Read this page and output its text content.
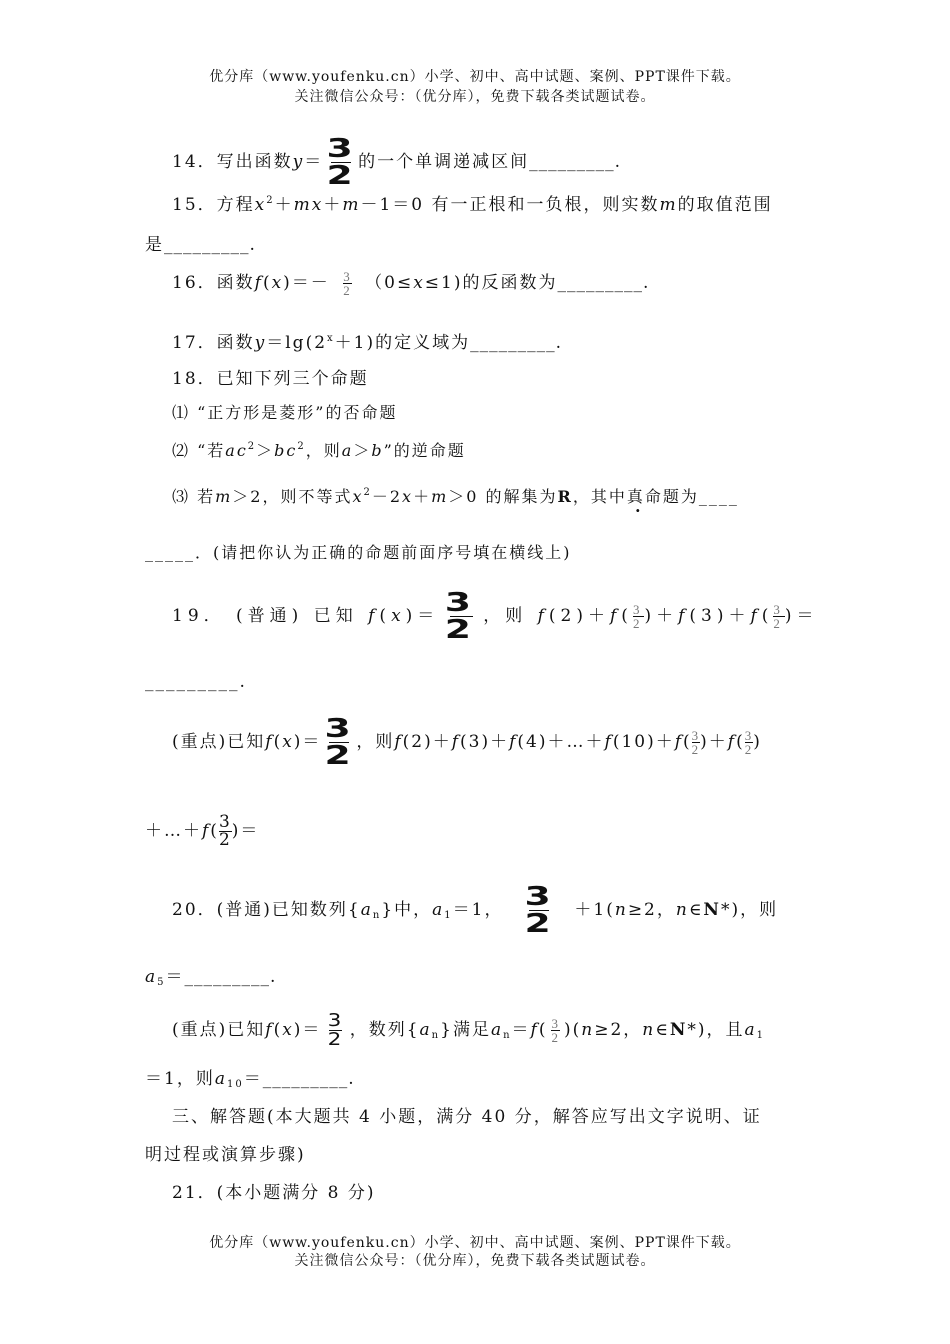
优分库（www.youfenku.cn）小学、初中、高中试题、案例、PPT课件下载。
关注微信公众号：（优分库），免费下载各类试题试卷。
14．写出函数$y= \frac{3}{2}$ 的一个单调递减区间_________.
15．方程$x^2+mx+m-1=0$ 有一正根和一负根，则实数m的取值范围
是_________.
16．函数$f(x)=- \frac{3}{2} (0\le x\le 1)$的反函数为_________.
17．函数$y=\lg(2^x+1)$的定义域为_________.
18．已知下列三个命题
⑴ “正方形是菱形”的否命题
⑵ “若$ac^2>bc^2$，则a＞b”的逆命题
⑶ 若m＞2，则不等式$x^2-2x+m>0$ 的解集为R，其中真命题为____
_____．(请把你认为正确的命题前面序号填在横线上)
19． (普通) 已知 $f(x)= \frac{3}{2}$ ，则 $f(2)+f( \frac{3}{2} )+f(3)+f( \frac{3}{2}$ )＝
_________.
(重点)已知$f(x)= \frac{3}{2}$ ，则f(2)＋f(3)＋f(4)＋…＋f(10)＋f( $\frac{3}{2} )+f( \frac{3}{2}$ )
＋…＋f( $\frac{3}{2}$ )＝
20．(普通)已知数列$\{a_n\}$中，$a_1=1$， $\frac{3}{2} +1(n\ge 2$，n∈N*)，则
$a_5=\_\_\_\_\_\_\_\_\_$.
(重点)已知$f(x)= \frac{3}{2}$ ，数列$\{a_n\}$满足$a_n=f( \frac{3}{2} )(n\ge 2$，n∈N*)，且$a_1$
＝1，则$a_{10}=\_\_\_\_\_\_\_\_\_$.
三、解答题(本大题共 4 小题，满分 40 分，解答应写出文字说明、证
明过程或演算步骤)
21．(本小题满分 8 分)
优分库（www.youfenku.cn）小学、初中、高中试题、案例、PPT课件下载。
关注微信公众号：（优分库），免费下载各类试题试卷。
